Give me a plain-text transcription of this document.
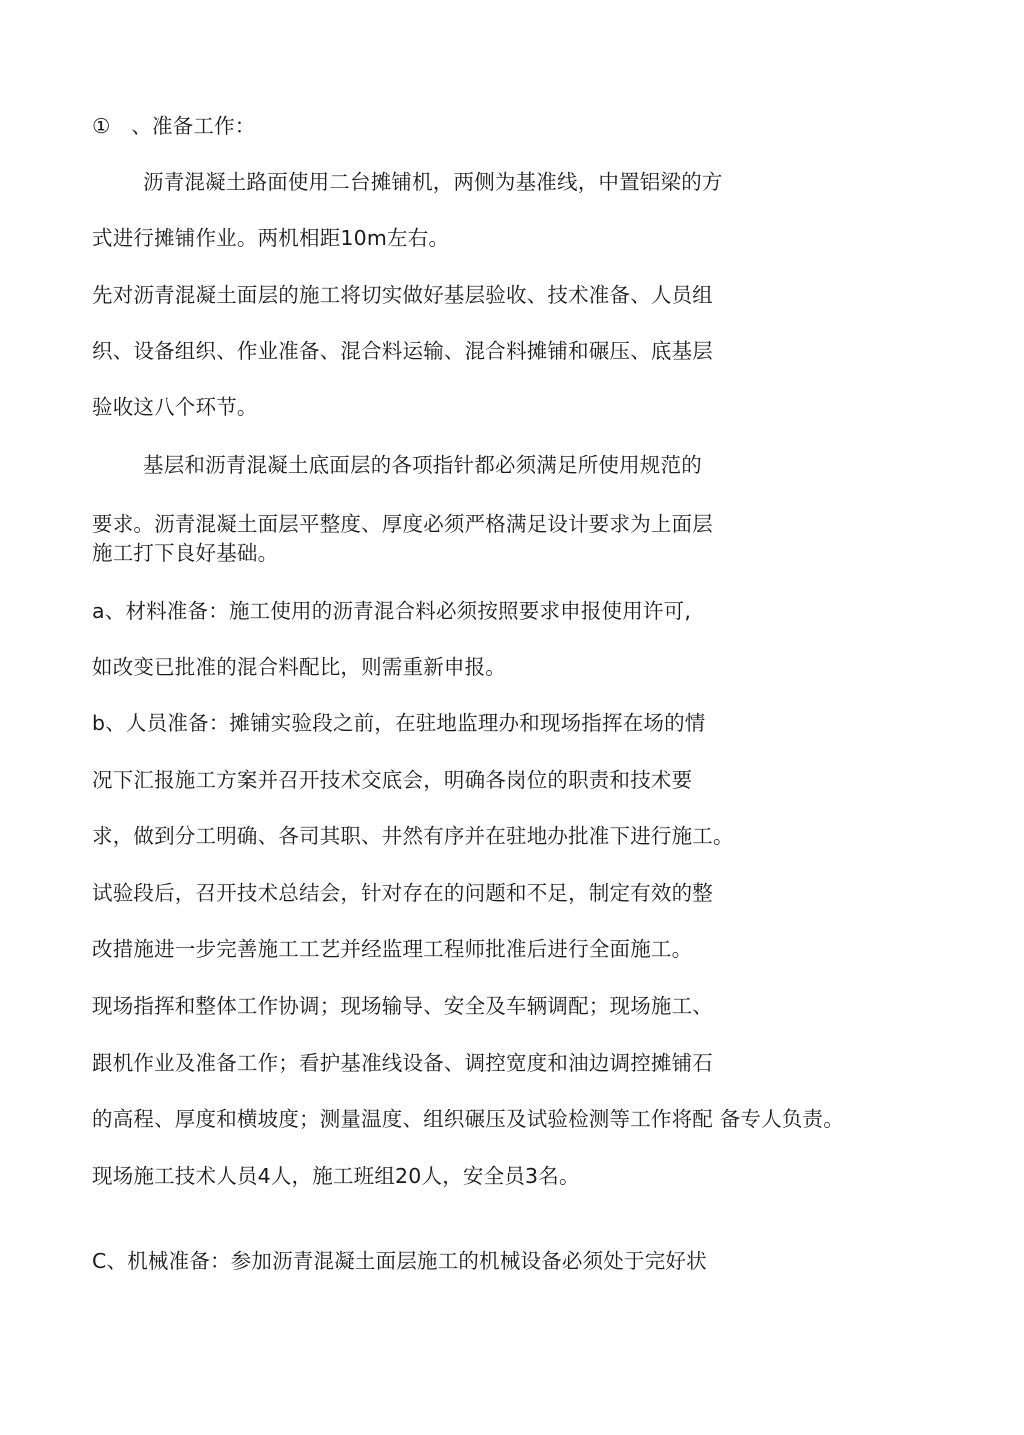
①　、准备工作：
沥青混凝土路面使用二台摊铺机，两侧为基准线，中置铝梁的方
式进行摊铺作业。两机相距10m左右。
先对沥青混凝土面层的施工将切实做好基层验收、技术准备、人员组
织、设备组织、作业准备、混合料运输、混合料摊铺和碾压、底基层
验收这八个环节。
基层和沥青混凝土底面层的各项指针都必须满足所使用规范的
要求。沥青混凝土面层平整度、厚度必须严格满足设计要求为上面层
施工打下良好基础。
a、材料准备：施工使用的沥青混合料必须按照要求申报使用许可,
如改变已批准的混合料配比，则需重新申报。
b、人员准备：摊铺实验段之前，在驻地监理办和现场指挥在场的情
况下汇报施工方案并召开技术交底会，明确各岗位的职责和技术要
求，做到分工明确、各司其职、井然有序并在驻地办批准下进行施工。
试验段后，召开技术总结会，针对存在的问题和不足，制定有效的整
改措施进一步完善施工工艺并经监理工程师批准后进行全面施工。
现场指挥和整体工作协调；现场输导、安全及车辆调配；现场施工、
跟机作业及准备工作；看护基准线设备、调控宽度和油边调控摊铺石
的高程、厚度和横坡度；测量温度、组织碾压及试验检测等工作将配 备专人负责。
现场施工技术人员4人，施工班组20人，安全员3名。
C、机械准备：参加沥青混凝土面层施工的机械设备必须处于完好状
